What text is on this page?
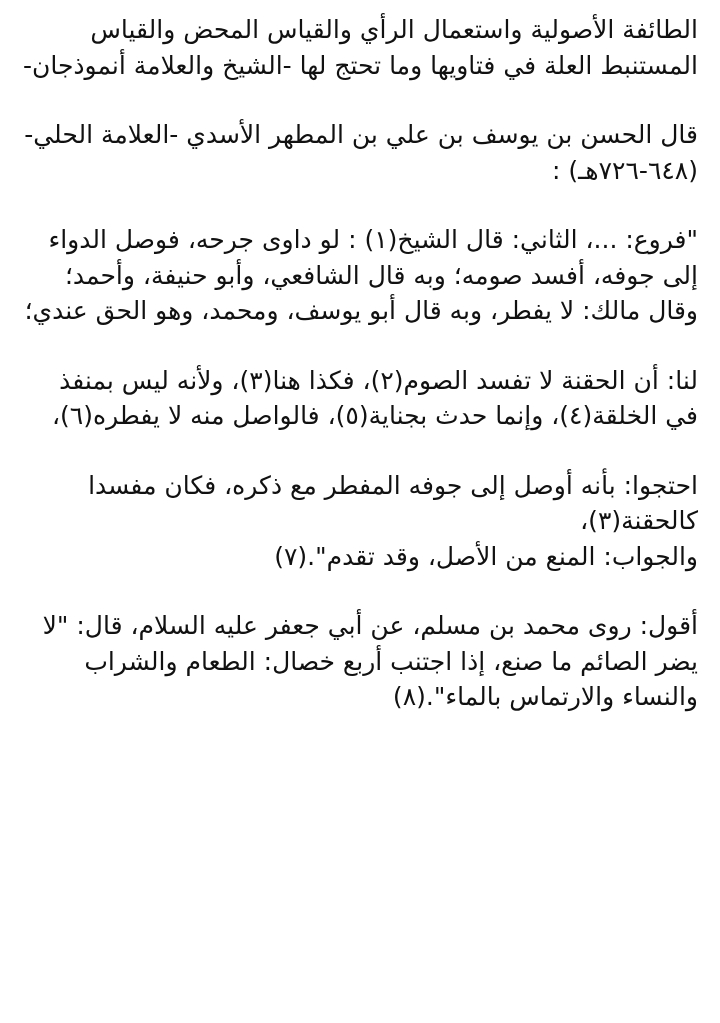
الطائفة الأصولية واستعمال الرأي والقياس المحض والقياس المستنبط العلة في فتاويها وما تحتج لها -الشيخ والعلامة أنموذجان-
قال الحسن بن يوسف بن علي بن المطهر الأسدي -العلامة الحلي- (٦٤٨-٧٢٦هـ) :
"فروع: ...، الثاني: قال الشيخ(١) : لو داوى جرحه، فوصل الدواء إلى جوفه، أفسد صومه؛ وبه قال الشافعي، وأبو حنيفة، وأحمد؛
وقال مالك: لا يفطر، وبه قال أبو يوسف، ومحمد، وهو الحق عندي؛
لنا: أن الحقنة لا تفسد الصوم(٢)، فكذا هنا(٣)، ولأنه ليس بمنفذ في الخلقة(٤)، وإنما حدث بجناية(٥)، فالواصل منه لا يفطره(٦)،
احتجوا: بأنه أوصل إلى جوفه المفطر مع ذكره، فكان مفسدا كالحقنة(٣)،
والجواب: المنع من الأصل، وقد تقدم".(٧)
أقول: روى محمد بن مسلم، عن أبي جعفر عليه السلام، قال: "لا يضر الصائم ما صنع، إذا اجتنب أربع خصال: الطعام والشراب والنساء والارتماس بالماء".(٨)
